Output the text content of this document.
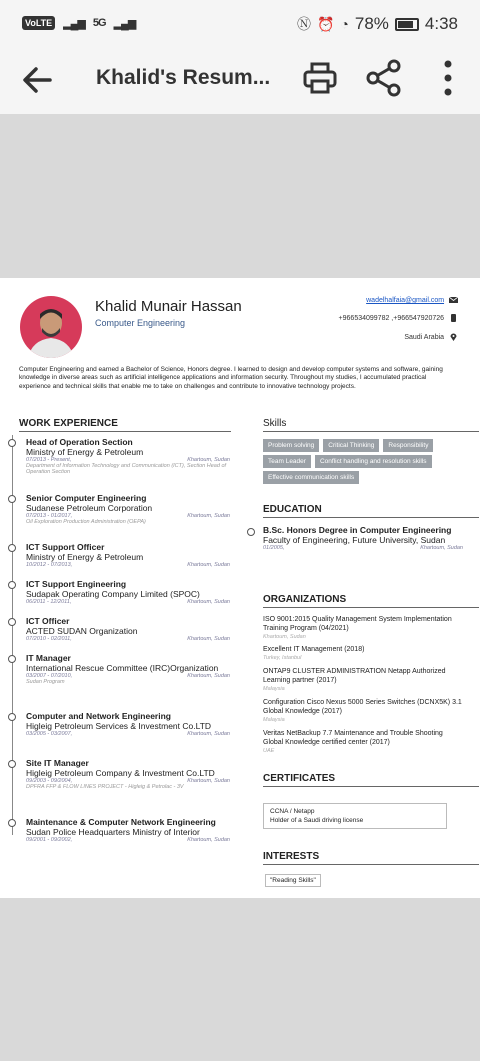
VoLTE ▂▄▆ 5G ▂▄▆	Ⓝ ⏰ ◔ 78% 4:38
Khalid's Resum...
Khalid Munair Hassan
Computer Engineering
wadelhalfaia@gmail.com
+966534099782 ,+966547920726
Saudi Arabia
Computer Engineering and earned a Bachelor of Science, Honors degree. I learned to design and develop computer systems and software, gaining knowledge in diverse areas such as artificial intelligence applications and information security. Throughout my studies, I accumulated practical experience and technical skills that enable me to take on challenges and contribute to innovative technology projects.
WORK EXPERIENCE
Head of Operation Section
Ministry of Energy & Petroleum
07/2013 - Present,	Khartoum, Sudan
Department of Information Technology and Communication (ICT), Section Head of Operation Section
Senior Computer Engineering
Sudanese Petroleum Corporation
07/2013 - 01/2017,	Khartoum, Sudan
Oil Exploration Production Administration (OEPA)
ICT Support Officer
Ministry of Energy & Petroleum
10/2012 - 07/2013,	Khartoum, Sudan
ICT Support Engineering
Sudapak Operating Company Limited (SPOC)
06/2011 - 12/2011,	Khartoum, Sudan
ICT Officer
ACTED SUDAN Organization
07/2010 - 02/2011,	Khartoum, Sudan
IT Manager
International Rescue Committee (IRC)Organization
03/2007 - 07/2010,	Khartoum, Sudan
Sudan Program
Computer and Network Engineering
Higleig Petroleum Services & Investment Co.LTD
03/2005 - 03/2007,	Khartoum, Sudan
Site IT Manager
Higleig Petroleum Company & Investment Co.LTD
09/2003 - 09/2004,	Khartoum, Sudan
DPFRA FFP & FLOW LINES PROJECT - Higleig & Petrolac - 3V
Maintenance & Computer Network Engineering
Sudan Police Headquarters Ministry of Interior
09/2001 - 09/2002,	Khartoum, Sudan
Skills
Problem solving	Critical Thinking	Responsibility
Team Leader	Conflict handling and resolution skills
Effective communication skills
EDUCATION
B.Sc. Honors Degree in Computer Engineering
Faculty of Engineering, Future University, Sudan
01/2005,	Khartoum, Sudan
ORGANIZATIONS
ISO 9001:2015 Quality Management System Implementation Training Program (04/2021)
Khartoum, Sudan
Excellent IT Management (2018)
Turkey, Istanbul
ONTAP9 CLUSTER ADMINISTRATION Netapp Authorized Learning partner (2017)
Malaysia
Configuration Cisco Nexus 5000 Series Switches (DCNX5K) 3.1 Global Knowledge (2017)
Malaysia
Veritas NetBackup 7.7 Maintenance and Trouble Shooting Global Knowledge certified center (2017)
UAE
CERTIFICATES
CCNA / Netapp
Holder of a Saudi driving license
INTERESTS
"Reading Skills"
